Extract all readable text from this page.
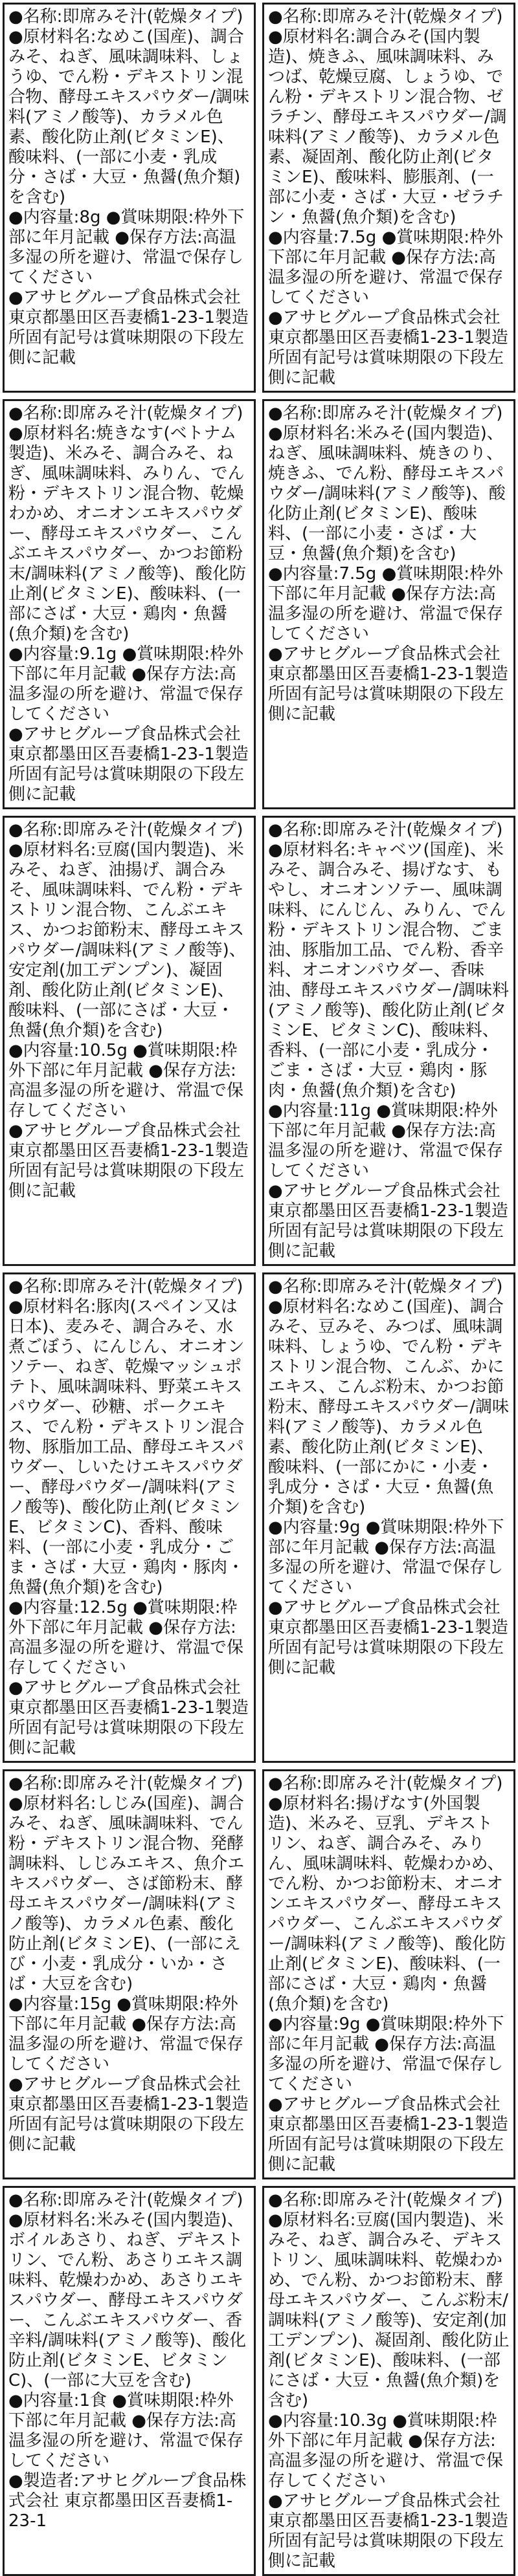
●名称:即席みそ汁(乾燥タイプ)

●原材料名:なめこ(国産)、調合みそ、ねぎ、風味調味料、しょうゆ、でん粉・デキストリン混合物、酵母エキスパウダー/調味料(アミノ酸等)、カラメル色素、酸化防止剤(ビタミンE)、酸味料、(一部に小麦・乳成分・さば・大豆・魚醤(魚介類)を含む)

●内容量:8g ●賞味期限:枠外下部に年月記載 ●保存方法:高温多湿の所を避け、常温で保存してください

●アサヒグループ食品株式会社 東京都墨田区吾妻橋1-23-1製造所固有記号は賞味期限の下段左側に記載

●名称:即席みそ汁(乾燥タイプ)

●原材料名:調合みそ(国内製造)、焼きふ、風味調味料、みつば、乾燥豆腐、しょうゆ、でん粉・デキストリン混合物、ゼラチン、酵母エキスパウダー/調味料(アミノ酸等)、カラメル色素、凝固剤、酸化防止剤(ビタミンE)、酸味料、膨脹剤、(一部に小麦・さば・大豆・ゼラチン・魚醤(魚介類)を含む)

●内容量:7.5g ●賞味期限:枠外下部に年月記載 ●保存方法:高温多湿の所を避け、常温で保存してください

●アサヒグループ食品株式会社 東京都墨田区吾妻橋1-23-1製造所固有記号は賞味期限の下段左側に記載

●名称:即席みそ汁(乾燥タイプ)

●原材料名:焼きなす(ベトナム製造)、米みそ、調合みそ、ねぎ、風味調味料、みりん、でん粉・デキストリン混合物、乾燥わかめ、オニオンエキスパウダー、酵母エキスパウダー、こんぶエキスパウダー、かつお節粉末/調味料(アミノ酸等)、酸化防止剤(ビタミンE)、酸味料、(一部にさば・大豆・鶏肉・魚醤(魚介類)を含む)

●内容量:9.1g ●賞味期限:枠外下部に年月記載 ●保存方法:高温多湿の所を避け、常温で保存してください

●アサヒグループ食品株式会社 東京都墨田区吾妻橋1-23-1製造所固有記号は賞味期限の下段左側に記載

●名称:即席みそ汁(乾燥タイプ)

●原材料名:米みそ(国内製造)、ねぎ、風味調味料、焼きのり、焼きふ、でん粉、酵母エキスパウダー/調味料(アミノ酸等)、酸化防止剤(ビタミンE)、酸味料、(一部に小麦・さば・大豆・魚醤(魚介類)を含む)

●内容量:7.5g ●賞味期限:枠外下部に年月記載 ●保存方法:高温多湿の所を避け、常温で保存してください

●アサヒグループ食品株式会社 東京都墨田区吾妻橋1-23-1製造所固有記号は賞味期限の下段左側に記載

●名称:即席みそ汁(乾燥タイプ)

●原材料名:豆腐(国内製造)、米みそ、ねぎ、油揚げ、調合みそ、風味調味料、でん粉・デキストリン混合物、こんぶエキス、かつお節粉末、酵母エキスパウダー/調味料(アミノ酸等)、安定剤(加工デンプン)、凝固剤、酸化防止剤(ビタミンE)、酸味料、(一部にさば・大豆・魚醤(魚介類)を含む)

●内容量:10.5g ●賞味期限:枠外下部に年月記載 ●保存方法:高温多湿の所を避け、常温で保存してください

●アサヒグループ食品株式会社 東京都墨田区吾妻橋1-23-1製造所固有記号は賞味期限の下段左側に記載

●名称:即席みそ汁(乾燥タイプ)

●原材料名:キャベツ(国産)、米みそ、調合みそ、揚げなす、もやし、オニオンソテー、風味調味料、にんじん、みりん、でん粉・デキストリン混合物、ごま油、豚脂加工品、でん粉、香辛料、オニオンパウダー、香味油、酵母エキスパウダー/調味料(アミノ酸等)、酸化防止剤(ビタミンE、ビタミンC)、酸味料、香料、(一部に小麦・乳成分・ごま・さば・大豆・鶏肉・豚肉・魚醤(魚介類)を含む)

●内容量:11g ●賞味期限:枠外下部に年月記載 ●保存方法:高温多湿の所を避け、常温で保存してください

●アサヒグループ食品株式会社 東京都墨田区吾妻橋1-23-1製造所固有記号は賞味期限の下段左側に記載

●名称:即席みそ汁(乾燥タイプ)

●原材料名:豚肉(スペイン又は日本)、麦みそ、調合みそ、水煮ごぼう、にんじん、オニオンソテー、ねぎ、乾燥マッシュポテト、風味調味料、野菜エキスパウダー、砂糖、ポークエキス、でん粉・デキストリン混合物、豚脂加工品、酵母エキスパウダー、しいたけエキスパウダー、酵母パウダー/調味料(アミノ酸等)、酸化防止剤(ビタミンE、ビタミンC)、香料、酸味料、(一部に小麦・乳成分・ごま・さば・大豆・鶏肉・豚肉・魚醤(魚介類)を含む)

●内容量:12.5g ●賞味期限:枠外下部に年月記載 ●保存方法:高温多湿の所を避け、常温で保存してください

●アサヒグループ食品株式会社 東京都墨田区吾妻橋1-23-1製造所固有記号は賞味期限の下段左側に記載

●名称:即席みそ汁(乾燥タイプ)

●原材料名:なめこ(国産)、調合みそ、豆みそ、みつば、風味調味料、しょうゆ、でん粉・デキストリン混合物、こんぶ、かにエキス、こんぶ粉末、かつお節粉末、酵母エキスパウダー/調味料(アミノ酸等)、カラメル色素、酸化防止剤(ビタミンE)、酸味料、(一部にかに・小麦・乳成分・さば・大豆・魚醤(魚介類)を含む)

●内容量:9g ●賞味期限:枠外下部に年月記載 ●保存方法:高温多湿の所を避け、常温で保存してください

●アサヒグループ食品株式会社 東京都墨田区吾妻橋1-23-1製造所固有記号は賞味期限の下段左側に記載

●名称:即席みそ汁(乾燥タイプ)

●原材料名:しじみ(国産)、調合みそ、ねぎ、風味調味料、でん粉・デキストリン混合物、発酵調味料、しじみエキス、魚介エキスパウダー、さば節粉末、酵母エキスパウダー/調味料(アミノ酸等)、カラメル色素、酸化防止剤(ビタミンE)、(一部にえび・小麦・乳成分・いか・さば・大豆を含む)

●内容量:15g ●賞味期限:枠外下部に年月記載 ●保存方法:高温多湿の所を避け、常温で保存してください

●アサヒグループ食品株式会社 東京都墨田区吾妻橋1-23-1製造所固有記号は賞味期限の下段左側に記載

●名称:即席みそ汁(乾燥タイプ)

●原材料名:揚げなす(外国製造)、米みそ、豆乳、デキストリン、ねぎ、調合みそ、みりん、風味調味料、乾燥わかめ、でん粉、かつお節粉末、オニオンエキスパウダー、酵母エキスパウダー、こんぶエキスパウダー/調味料(アミノ酸等)、酸化防止剤(ビタミンE)、酸味料、(一部にさば・大豆・鶏肉・魚醤(魚介類)を含む)

●内容量:9g ●賞味期限:枠外下部に年月記載 ●保存方法:高温多湿の所を避け、常温で保存してください

●アサヒグループ食品株式会社 東京都墨田区吾妻橋1-23-1製造所固有記号は賞味期限の下段左側に記載

●名称:即席みそ汁(乾燥タイプ)

●原材料名:米みそ(国内製造)、ボイルあさり、ねぎ、デキストリン、でん粉、あさりエキス調味料、乾燥わかめ、あさりエキスパウダー、酵母エキスパウダー、こんぶエキスパウダー、香辛料/調味料(アミノ酸等)、酸化防止剤(ビタミンE、ビタミンC)、(一部に大豆を含む)

●内容量:1食 ●賞味期限:枠外下部に年月記載 ●保存方法:高温多湿の所を避け、常温で保存してください

●製造者:アサヒグループ食品株式会社 東京都墨田区吾妻橋1-23-1

●名称:即席みそ汁(乾燥タイプ)

●原材料名:豆腐(国内製造)、米みそ、ねぎ、調合みそ、デキストリン、風味調味料、乾燥わかめ、でん粉、かつお節粉末、酵母エキスパウダー、こんぶ粉末/調味料(アミノ酸等)、安定剤(加工デンプン)、凝固剤、酸化防止剤(ビタミンE)、酸味料、(一部にさば・大豆・魚醤(魚介類)を含む)

●内容量:10.3g ●賞味期限:枠外下部に年月記載 ●保存方法:高温多湿の所を避け、常温で保存してください

●アサヒグループ食品株式会社 東京都墨田区吾妻橋1-23-1製造所固有記号は賞味期限の下段左側に記載
